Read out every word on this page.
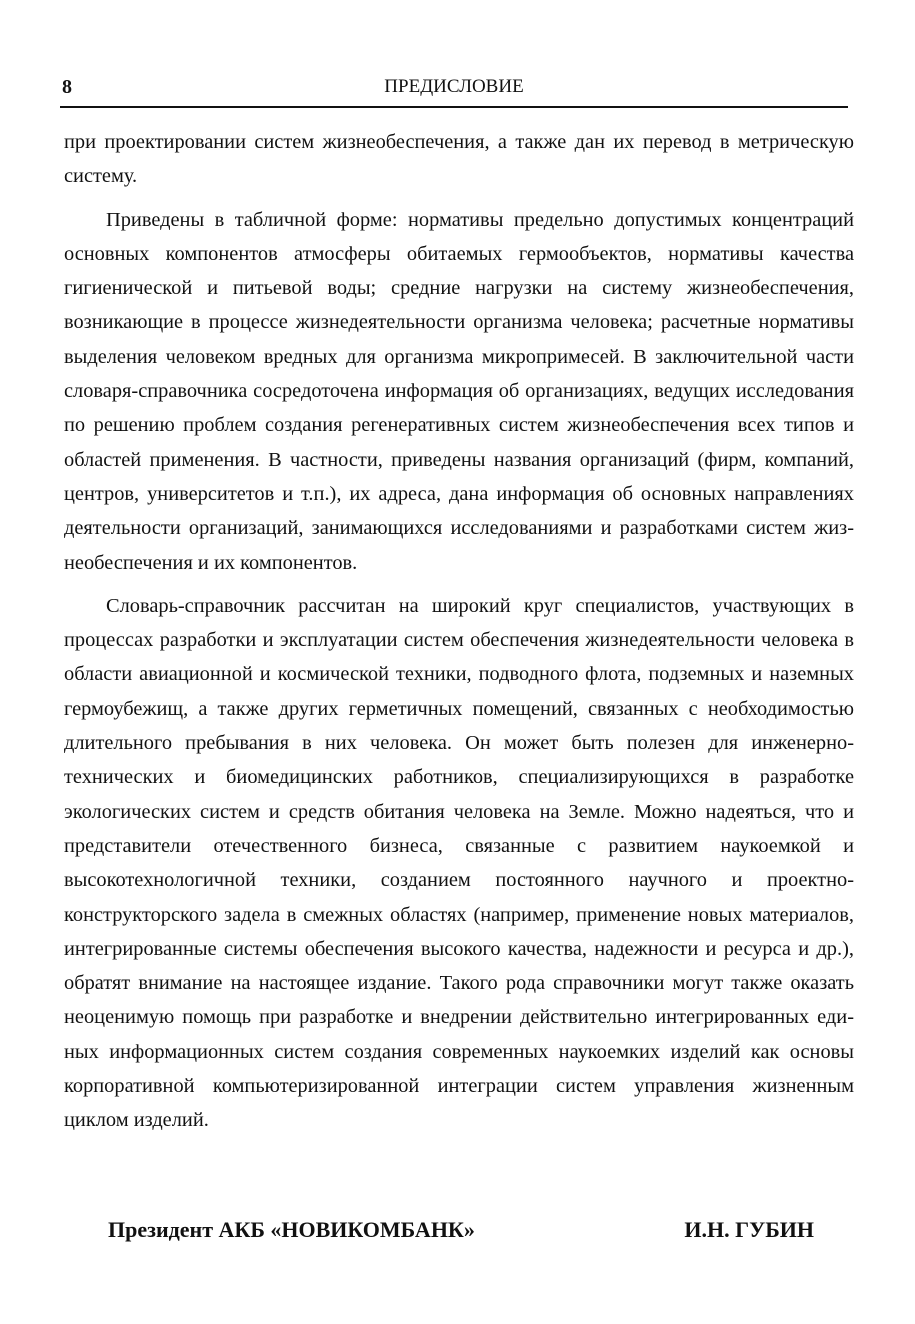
8	ПРЕДИСЛОВИЕ

при проектировании систем жизнеобеспечения, а также дан их перевод в метрическую систему.

Приведены в табличной форме: нормативы предельно допустимых концентраций основных компонентов атмосферы обитаемых гермообъектов, нормативы качества гигиенической и питьевой воды; средние нагрузки на систему жизнеобеспечения, возникающие в процессе жизнедеятельности организма человека; расчетные нормативы выделения человеком вредных для организма микропримесей. В заключительной части словаря-справочника сосредоточена информация об организациях, ведущих исследования по решению проблем создания регенеративных систем жизнеобеспечения всех типов и областей применения. В частности, приведены названия организаций (фирм, компаний, центров, университетов и т.п.), их адреса, дана информация об основных направлениях деятельности организаций, занимающихся исследованиями и разработками систем жизнеобеспечения и их компонентов.

Словарь-справочник рассчитан на широкий круг специалистов, участвующих в процессах разработки и эксплуатации систем обеспечения жизнедеятельности человека в области авиационной и космической техники, подводного флота, подземных и наземных гермоубежищ, а также других герметичных помещений, связанных с необходимостью длительного пребывания в них человека. Он может быть полезен для инженерно-технических и биомедицинских работников, специализирующихся в разработке экологических систем и средств обитания человека на Земле. Можно надеяться, что и представители отечественного бизнеса, связанные с развитием наукоемкой и высокотехнологичной техники, созданием постоянного научного и проектно-конструкторского задела в смежных областях (например, применение новых материалов, интегрированные системы обеспечения высокого качества, надежности и ресурса и др.), обратят внимание на настоящее издание. Такого рода справочники могут также оказать неоценимую помощь при разработке и внедрении действительно интегрированных единых информационных систем создания современных наукоемких изделий как основы корпоративной компьютеризированной интеграции систем управления жизненным циклом изделий.

Президент АКБ «НОВИКОМБАНК»	И.Н. ГУБИН
